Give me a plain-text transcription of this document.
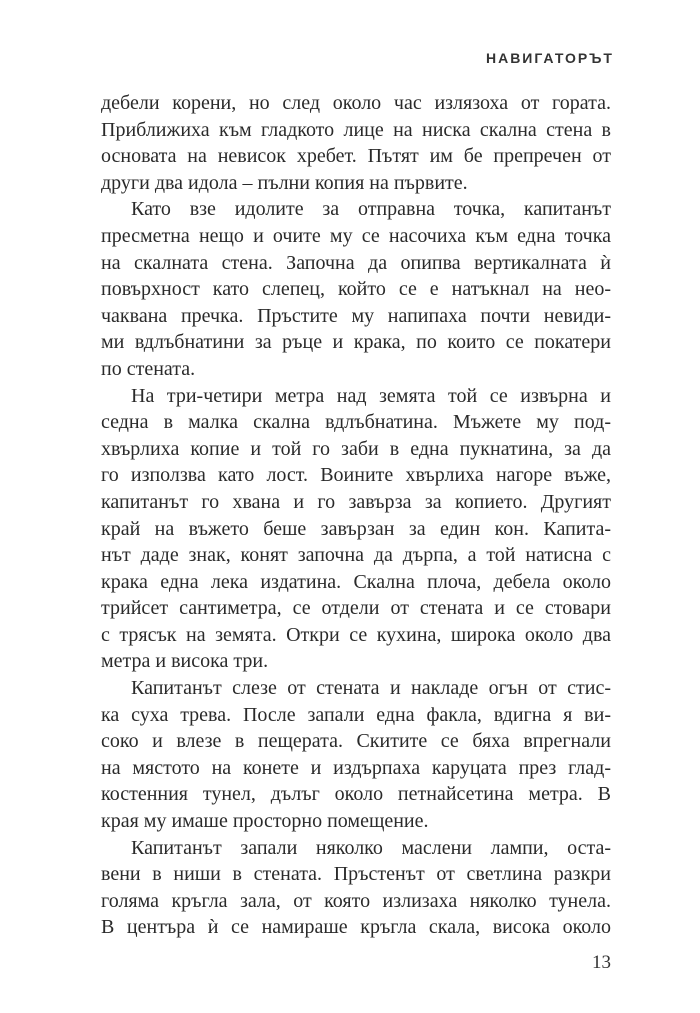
НАВИГАТОРЪТ
дебели корени, но след около час излязоха от гората.
Приближиха към гладкото лице на ниска скална стена в
основата на невисок хребет. Пътят им бе препречен от
други два идола – пълни копия на първите.
Като взе идолите за отправна точка, капитанът
пресметна нещо и очите му се насочиха към една точка
на скалната стена. Започна да опипва вертикалната ѝ
повърхност като слепец, който се е натъкнал на нео-
чаквана пречка. Пръстите му напипаха почти невиди-
ми вдлъбнатини за ръце и крака, по които се покатери
по стената.
На три-четири метра над земята той се извърна и
седна в малка скална вдлъбнатина. Мъжете му под-
хвърлиха копие и той го заби в една пукнатина, за да
го използва като лост. Воините хвърлиха нагоре въже,
капитанът го хвана и го завърза за копието. Другият
край на въжето беше завързан за един кон. Капита-
нът даде знак, конят започна да дърпа, а той натисна с
крака една лека издатина. Скална плоча, дебела около
трийсет сантиметра, се отдели от стената и се стовари
с трясък на земята. Откри се кухина, широка около два
метра и висока три.
Капитанът слезе от стената и накладе огън от стис-
ка суха трева. После запали една факла, вдигна я ви-
соко и влезе в пещерата. Скитите се бяха впрегнали
на мястото на конете и издърпаха каруцата през глад-
костенния тунел, дълъг около петнайсетина метра. В
края му имаше просторно помещение.
Капитанът запали няколко маслени лампи, оста-
вени в ниши в стената. Пръстенът от светлина разкри
голяма кръгла зала, от която излизаха няколко тунела.
В центъра ѝ се намираше кръгла скала, висока около
13
